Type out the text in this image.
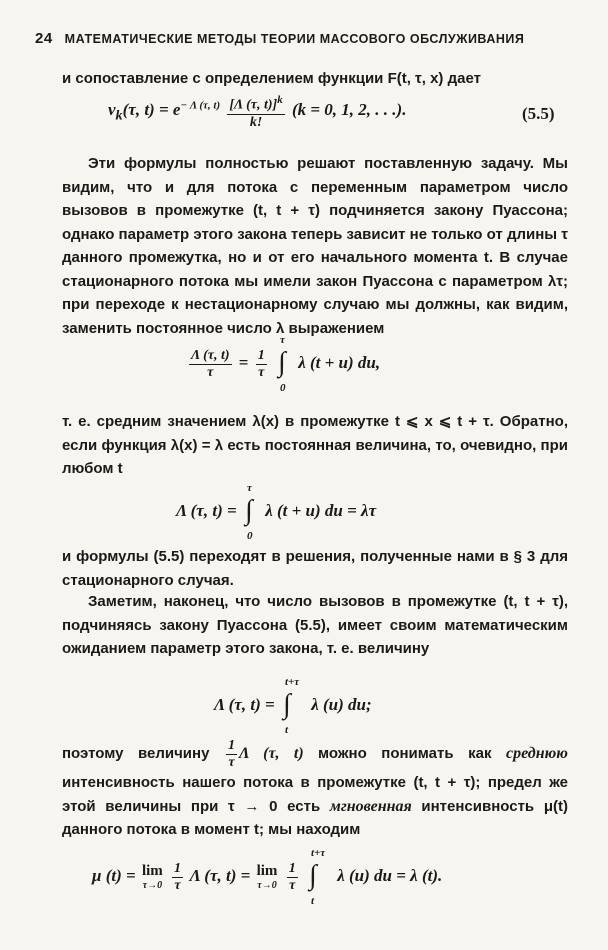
24 МАТЕМАТИЧЕСКИЕ МЕТОДЫ ТЕОРИИ МАССОВОГО ОБСЛУЖИВАНИЯ
и сопоставление с определением функции F(t, τ, x) дает
$v_k(\tau$, $t) = e^{- \Lambda (\tau, t)} \frac{[\Lambda (\tau, t)]^k}{k!} (k = 0$, 1, 2, . . .).	(5.5)
Эти формулы полностью решают поставленную задачу. Мы видим, что и для потока с переменным параметром число вызовов в промежутке (t, t + τ) подчиняется закону Пуассона; однако параметр этого закона теперь зависит не только от длины τ данного промежутка, но и от его начального момента t. В случае стационарного потока мы имели закон Пуассона с параметром λτ; при переходе к нестационарному случаю мы должны, как видим, заменить постоянное число λ выражением
$\frac{\Lambda (\tau, t)}{\tau} = \frac{1}{\tau}$

τ
∫
0
λ (t + u) du,
т. е. средним значением λ(x) в промежутке t ⩽ x ⩽ t + τ. Обратно, если функция λ(x) = λ есть постоянная величина, то, очевидно, при любом t
Λ (τ, t) =
τ
∫
0
λ (t + u) du = λτ
и формулы (5.5) переходят в решения, полученные нами в § 3 для стационарного случая.
Заметим, наконец, что число вызовов в промежутке (t, t + τ), подчиняясь закону Пуассона (5.5), имеет своим математическим ожиданием параметр этого закона, т. е. величину
Λ (τ, t) =
t+τ
∫
t
λ (u) du;
поэтому величину $\frac{1}{\tau}$ Λ (τ, t) можно понимать как среднюю интенсивность нашего потока в промежутке (t, t + τ); предел же этой величины при τ → 0 есть мгновенная интенсивность μ(t) данного потока в момент t; мы находим
μ (t) = lim
τ→0
$\frac{1}{\tau}$ Λ (τ, t) = lim
τ→0
$\frac{1}{\tau}$

t+τ
∫
t
λ (u) du = λ (t).
